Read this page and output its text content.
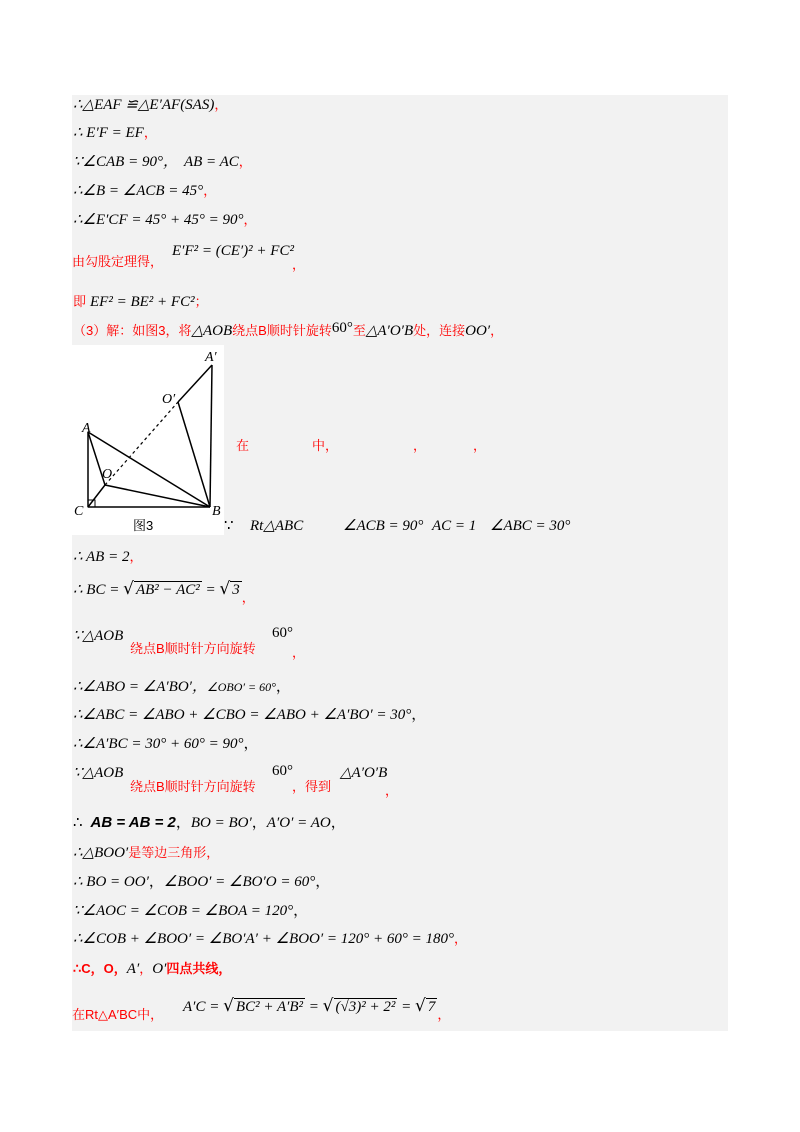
∴△EAF ≌△E′AF(SAS)，
∴ E′F = EF，
∵∠CAB = 90°， AB = AC，
∴∠B = ∠ACB = 45°，
∴∠E′CF = 45° + 45° = 90°，
由勾股定理得，
E′F² = (CE′)² + FC²
，
即 EF² = BE² + FC²；
（3）解：如图3，将△AOB绕点B顺时针旋转60°至△A′O′B处，连接OO′，
A′
O′
A
O
C	B
图3
在	中，	，	，
∵ Rt△ABC	∠ACB = 90° AC = 1 ∠ABC = 30°
∴ AB = 2，
∴ BC = √ AB² − AC² = √ 3 ，
∵△AOB
绕点B顺时针方向旋转
60°
，
∴∠ABO = ∠A′BO′，∠OBO′ = 60°，
∴∠ABC = ∠ABO + ∠CBO = ∠ABO + ∠A′BO′ = 30°，
∴∠A′BC = 30° + 60° = 90°，
∵△AOB
绕点B顺时针方向旋转
60°
，得到
△A′O′B
，
∴ AB = AB = 2，BO = BO′，A′O′ = AO，
∴△BOO′是等边三角形，
∴ BO = OO′，∠BOO′ = ∠BO′O = 60°，
∵∠AOC = ∠COB = ∠BOA = 120°，
∴∠COB + ∠BOO′ = ∠BO′A′ + ∠BOO′ = 120° + 60° = 180°，
∴C，O，A′，O′四点共线，
在Rt△A′BC中， A′C = √ BC² + A′B² = √ (√3)² + 2² = √ 7 ，
